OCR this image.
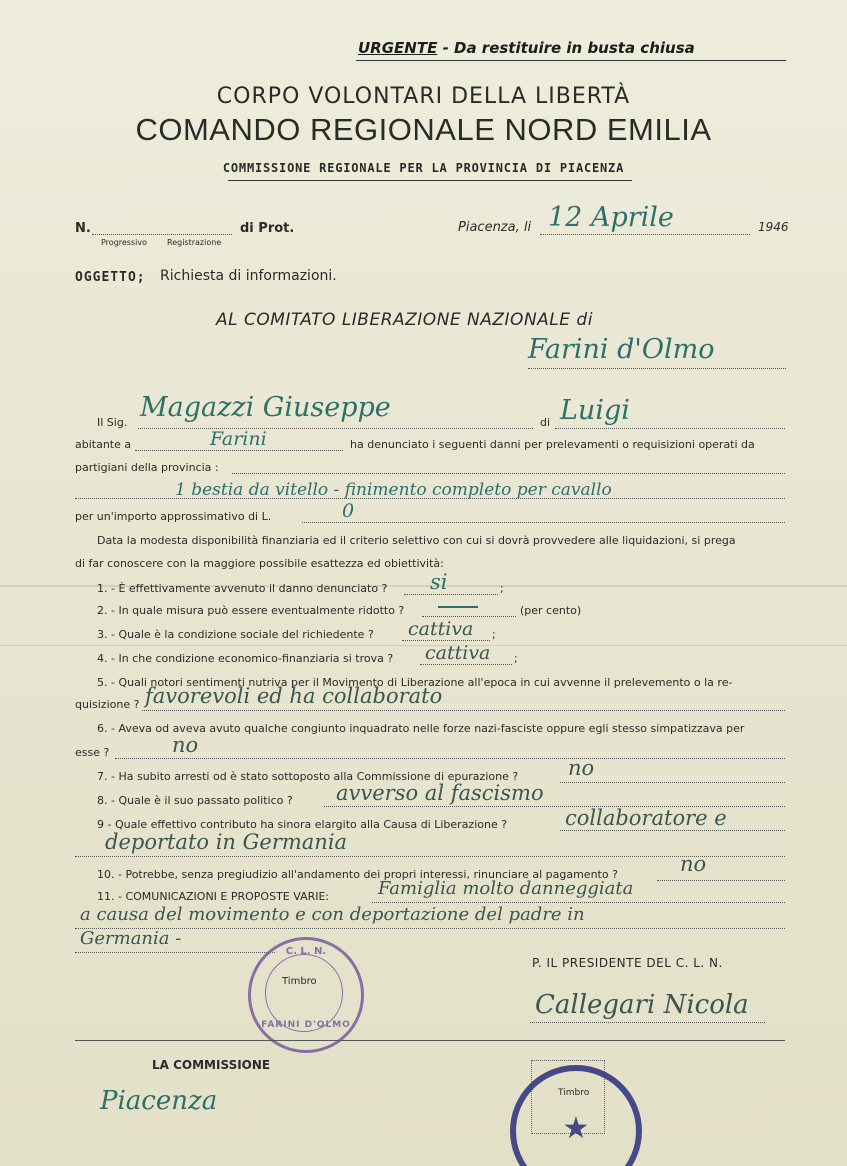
URGENTE - Da restituire in busta chiusa
CORPO VOLONTARI DELLA LIBERTÀ
COMANDO REGIONALE NORD EMILIA
COMMISSIONE REGIONALE PER LA PROVINCIA DI PIACENZA
N.	di Prot.
Progressivo	Registrazione
Piacenza, li 12 Aprile	1946
OGGETTO; Richiesta di informazioni.
AL COMITATO LIBERAZIONE NAZIONALE di
Farini d'Olmo
Il Sig. Magazzi Giuseppe	di Luigi
abitante a	Farini	ha denunciato i seguenti danni per prelevamenti o requisizioni operati da
partigiani della provincia :
1 bestia da vitello - finimento completo per cavallo
per un'importo approssimativo di L.	0
Data la modesta disponibilità finanziaria ed il criterio selettivo con cui si dovrà provvedere alle liquidazioni, si prega
di far conoscere con la maggiore possibile esattezza ed obiettività:
1. - È effettivamente avvenuto il danno denunciato ? si	;
2. - In quale misura può essere eventualmente ridotto ?	(per cento)
3. - Quale è la condizione sociale del richiedente ? cattiva ;
4. - In che condizione economico-finanziaria si trova ? cattiva ;
5. - Quali notori sentimenti nutriva per il Movimento di Liberazione all'epoca in cui avvenne il prelevemento o la re-
quisizione ? favorevoli ed ha collaborato
6. - Aveva od aveva avuto qualche congiunto inquadrato nelle forze nazi-fasciste oppure egli stesso simpatizzava per
esse ?	no
7. - Ha subito arresti od è stato sottoposto alla Commissione di epurazione ? no
8. - Quale è il suo passato politico ? avverso al fascismo
9 - Quale effettivo contributo ha sinora elargito alla Causa di Liberazione ?	collaboratore e
deportato in Germania
10. - Potrebbe, senza pregiudizio all'andamento dei propri interessi, rinunciare al pagamento ?	no
11. - COMUNICAZIONI E PROPOSTE VARIE:	Famiglia molto danneggiata
a causa del movimento e con deportazione del padre in
Germania -
C. L. N.
FARINI D'OLMO
Timbro
P. IL PRESIDENTE DEL C. L. N.
Callegari Nicola
LA COMMISSIONE
Piacenza
★
Timbro
